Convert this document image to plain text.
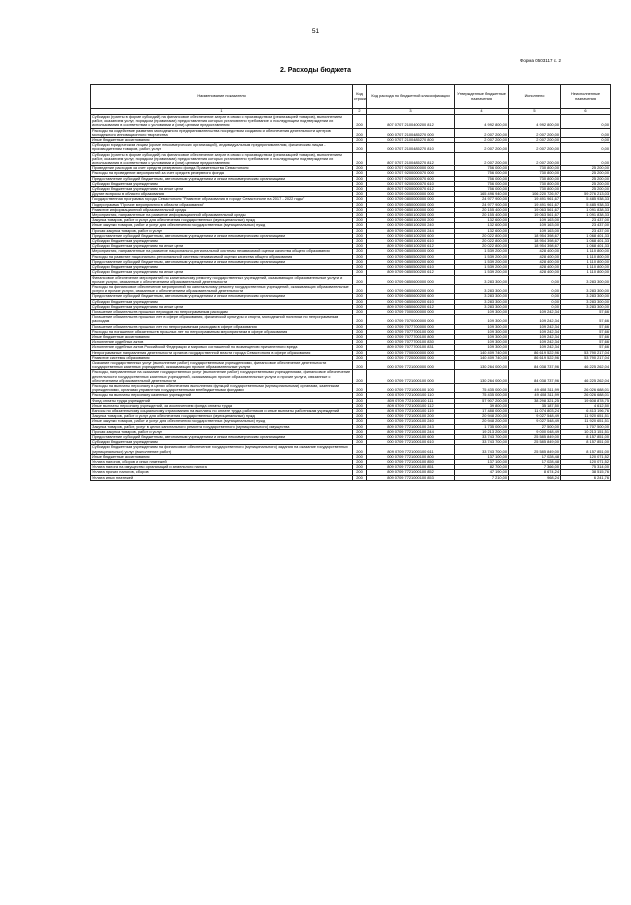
51
Форма 0503117 с. 2
2. Расходы бюджета
Наименование показателя	Код строки	Код расхода по бюджетной классификации	Утвержденные бюджетные назначения	Исполнено	Неисполненные назначения
1	2	3	4	5	6
Субсидии (гранты в форме субсидий) на финансовое обеспечение затрат в связи с производством (реализацией товаров), выполнением работ, оказанием услуг, порядком (правилами) предоставления которых установлено требование о последующем подтверждении их использования в соответствии с условиями и (или) целями предоставления	200	807 0707 2100400200 812	4 992 800,00	4 992 800,00	0,00
Расходы на содействие развитию молодежного предпринимательства посредством создания и обеспечения деятельности центров молодежного инновационного творчества	200	000 0707 2100485270 000	2 007 200,00	2 007 200,00	0,00
Иные бюджетные ассигнования	200	000 0707 2100485270 800	2 007 200,00	2 007 200,00	0,00
Субсидии юридическим лицам (кроме некоммерческих организаций), индивидуальным предпринимателям, физическим лицам - производителям товаров, работ, услуг	200	000 0707 2100485270 810	2 007 200,00	2 007 200,00	0,00
Субсидии (гранты в форме субсидий) на финансовое обеспечение затрат в связи с производством (реализацией товаров), выполнением работ, оказанием услуг, порядком (правилами) предоставления которых установлено требование о последующем подтверждении их использования в соответствии с условиями и (или) целями предоставления	200	807 0707 2100485270 812	2 007 200,00	2 007 200,00	0,00
Проведение расходов за счет средств резервного фонда Правительства Севастополя	200	000 0707 9200000000 000	756 000,00	730 800,00	25 200,00
Расходы на проведение мероприятий за счет средств резервного фонда	200	000 0707 9200000070 000	756 000,00	730 800,00	25 200,00
Предоставление субсидий бюджетным, автономным учреждениям и иным некоммерческим организациям	200	000 0707 9200000070 600	756 000,00	730 800,00	25 200,00
Субсидии бюджетным учреждениям	200	000 0707 9200000070 610	756 000,00	730 800,00	25 200,00
Субсидии бюджетным учреждениям на иные цели	200	809 0707 9200000070 612	756 000,00	730 800,00	25 200,00
Другие вопросы в области образования	200	000 0709 0000000000 000	165 496 940,00	106 220 726,97	59 276 213,03
Государственная программа города Севастополя "Развитие образования в городе Севастополе на 2017 - 2022 годы"	200	000 0709 0800000000 000	24 977 900,00	19 491 961,67	5 485 938,33
Подпрограмма "Прочие мероприятия в области образования"	200	000 0709 0850000000 000	24 977 900,00	19 491 961,67	5 485 938,33
Развитие информационной образовательной среды	200	000 0709 0850100000 000	20 155 400,00	19 063 561,67	1 091 838,33
Мероприятия, направленные на развитие информационной образовательной среды	200	000 0709 0850100200 000	20 155 400,00	19 063 561,67	1 091 838,33
Закупка товаров, работ и услуг для обеспечения государственных (муниципальных) нужд	200	000 0709 0850100200 200	132 600,00	109 163,00	23 437,00
Иные закупки товаров, работ и услуг для обеспечения государственных (муниципальных) нужд	200	000 0709 0850100200 240	132 600,00	109 163,00	23 437,00
Прочая закупка товаров, работ и услуг	200	809 0709 0850100200 244	132 600,00	109 163,00	23 437,00
Предоставление субсидий бюджетным, автономным учреждениям и иным некоммерческим организациям	200	000 0709 0850100200 600	20 022 800,00	18 954 398,67	1 068 401,33
Субсидии бюджетным учреждениям	200	000 0709 0850100200 610	20 022 800,00	18 954 398,67	1 068 401,33
Субсидии бюджетным учреждениям на иные цели	200	809 0709 0850100200 612	20 022 800,00	18 954 398,67	1 068 401,33
Мероприятия, направленные на развитие национально-региональной системы независимой оценки качества общего образования	200	000 0709 0850500000 000	1 539 200,00	428 400,00	1 110 800,00
Расходы на развитие национально-региональной системы независимой оценки качества общего образования	200	000 0709 0850500200 000	1 539 200,00	428 400,00	1 110 800,00
Предоставление субсидий бюджетным, автономным учреждениям и иным некоммерческим организациям	200	000 0709 0850500200 600	1 539 200,00	428 400,00	1 110 800,00
Субсидии бюджетным учреждениям	200	000 0709 0850500200 610	1 539 200,00	428 400,00	1 110 800,00
Субсидии бюджетным учреждениям на иные цели	200	809 0709 0850500200 612	1 539 200,00	428 400,00	1 110 800,00
Финансовое обеспечение мероприятий по капитальному ремонту государственных учреждений, оказывающих образовательные услуги и прочие услуги, связанные с обеспечением образовательной деятельности	200	000 0709 0850600000 000	3 283 300,00	0,00	3 283 300,00
Расходы на финансовое обеспечение мероприятий по капитальному ремонту государственных учреждений, оказывающих образовательные услуги и прочие услуги, связанные с обеспечением образовательной деятельности	200	000 0709 0850600200 000	3 283 300,00	0,00	3 283 300,00
Предоставление субсидий бюджетным, автономным учреждениям и иным некоммерческим организациям	200	000 0709 0850600200 600	3 283 300,00	0,00	3 283 300,00
Субсидии бюджетным учреждениям	200	000 0709 0850600200 610	3 283 300,00	0,00	3 283 300,00
Субсидии бюджетным учреждениям на иные цели	200	809 0709 0850600200 612	3 283 300,00	0,00	3 283 300,00
Погашение обязательств прошлых периодов по непрограммным расходам	200	000 0709 7000000000 000	109 300,00	109 242,34	57,66
Погашение обязательств прошлых лет в сфере образования, физической культуры и спорта, молодежной политики по непрограммным расходам	200	000 0709 7070000000 000	109 300,00	109 242,34	57,66
Погашение обязательств прошлых лет по непрограммным расходам в сфере образования	200	000 0709 7077700000 000	109 300,00	109 242,34	57,66
Расходы на погашение обязательств прошлых лет по непрограммным мероприятиям в сфере образования	200	000 0709 7077700100 000	109 300,00	109 242,34	57,66
Иные бюджетные ассигнования	200	000 0709 7077700100 800	109 300,00	109 242,34	57,66
Исполнение судебных актов	200	000 0709 7077700100 830	109 300,00	109 242,34	57,66
Исполнение судебных актов Российской Федерации и мировых соглашений по возмещению причиненного вреда	200	809 0709 7077700100 831	109 300,00	109 242,34	57,66
Непрограммные направления деятельности органов государственной власти города Севастополя в сфере образования	200	000 0709 7700000000 000	140 409 740,00	86 619 522,96	53 790 217,04
Развитие системы образования	200	000 0709 7720000000 000	140 409 740,00	86 619 522,96	53 790 217,04
Оказание государственных услуг (выполнение работ) государственными учреждениями, финансовое обеспечение деятельности государственных казенных учреждений, оказывающих прочие образовательные услуги	200	000 0709 7721000000 000	130 264 000,00	84 038 737,96	46 225 262,04
Расходы, направленные на оказание государственных услуг (выполнение работ) государственными учреждениями, финансовое обеспечение деятельности государственных казенных учреждений, оказывающих прочие образовательные услуги и прочие услуги, связанные с обеспечением образовательной деятельности	200	000 0709 7721000100 000	130 264 000,00	84 038 737,96	46 225 262,04
Расходы на выплаты персоналу в целях обеспечения выполнения функций государственными (муниципальными) органами, казенными учреждениями, органами управления государственными внебюджетными фондами	200	000 0709 7721000100 100	75 435 000,00	49 408 311,99	26 026 688,01
Расходы на выплаты персоналу казенных учреждений	200	000 0709 7721000100 110	75 435 000,00	49 408 311,99	26 026 688,01
Фонд оплаты труда учреждений	200	809 0709 7721000100 111	57 907 200,00	38 298 321,25	19 608 878,75
Иные выплаты персоналу учреждений, за исключением фонда оплаты труда	200	809 0709 7721000100 112	39 800,00	35 187,50	4 612,50
Взносы по обязательному социальному страхованию на выплаты по оплате труда работников и иные выплаты работникам учреждений	200	809 0709 7721000100 119	17 488 000,00	11 074 803,24	6 413 196,76
Закупка товаров, работ и услуг для обеспечения государственных (муниципальных) нужд	200	000 0709 7721000100 200	20 948 200,00	9 027 548,49	11 920 651,51
Иные закупки товаров, работ и услуг для обеспечения государственных (муниципальных) нужд	200	000 0709 7721000100 240	20 948 200,00	9 027 548,49	11 920 651,51
Закупка товаров, работ, услуг в целях капитального ремонта государственного (муниципального) имущества	200	809 0709 7721000100 243	1 735 000,00	27 500,00	1 707 500,00
Прочая закупка товаров, работ и услуг	200	809 0709 7721000100 244	19 213 200,00	9 000 048,49	10 213 151,51
Предоставление субсидий бюджетным, автономным учреждениям и иным некоммерческим организациям	200	000 0709 7721000100 600	33 743 700,00	25 585 849,00	8 157 851,00
Субсидии бюджетным учреждениям	200	000 0709 7721000100 610	33 743 700,00	25 585 849,00	8 157 851,00
Субсидии бюджетным учреждениям на финансовое обеспечение государственного (муниципального) задания на оказание государственных (муниципальных) услуг (выполнение работ)	200	809 0709 7721000100 611	33 743 700,00	25 585 849,00	8 157 851,00
Иные бюджетные ассигнования	200	000 0709 7721000100 800	137 100,00	17 028,48	120 071,52
Уплата налогов, сборов и иных платежей	200	000 0709 7721000100 850	137 100,00	17 028,48	120 071,52
Уплата налога на имущество организаций и земельного налога	200	809 0709 7721000100 851	82 700,00	7 366,00	75 314,00
Уплата прочих налогов, сборов	200	809 0709 7721000100 852	47 190,00	8 674,24	38 515,76
Уплата иных платежей	200	809 0709 7721000100 853	7 210,00	968,24	6 241,76
